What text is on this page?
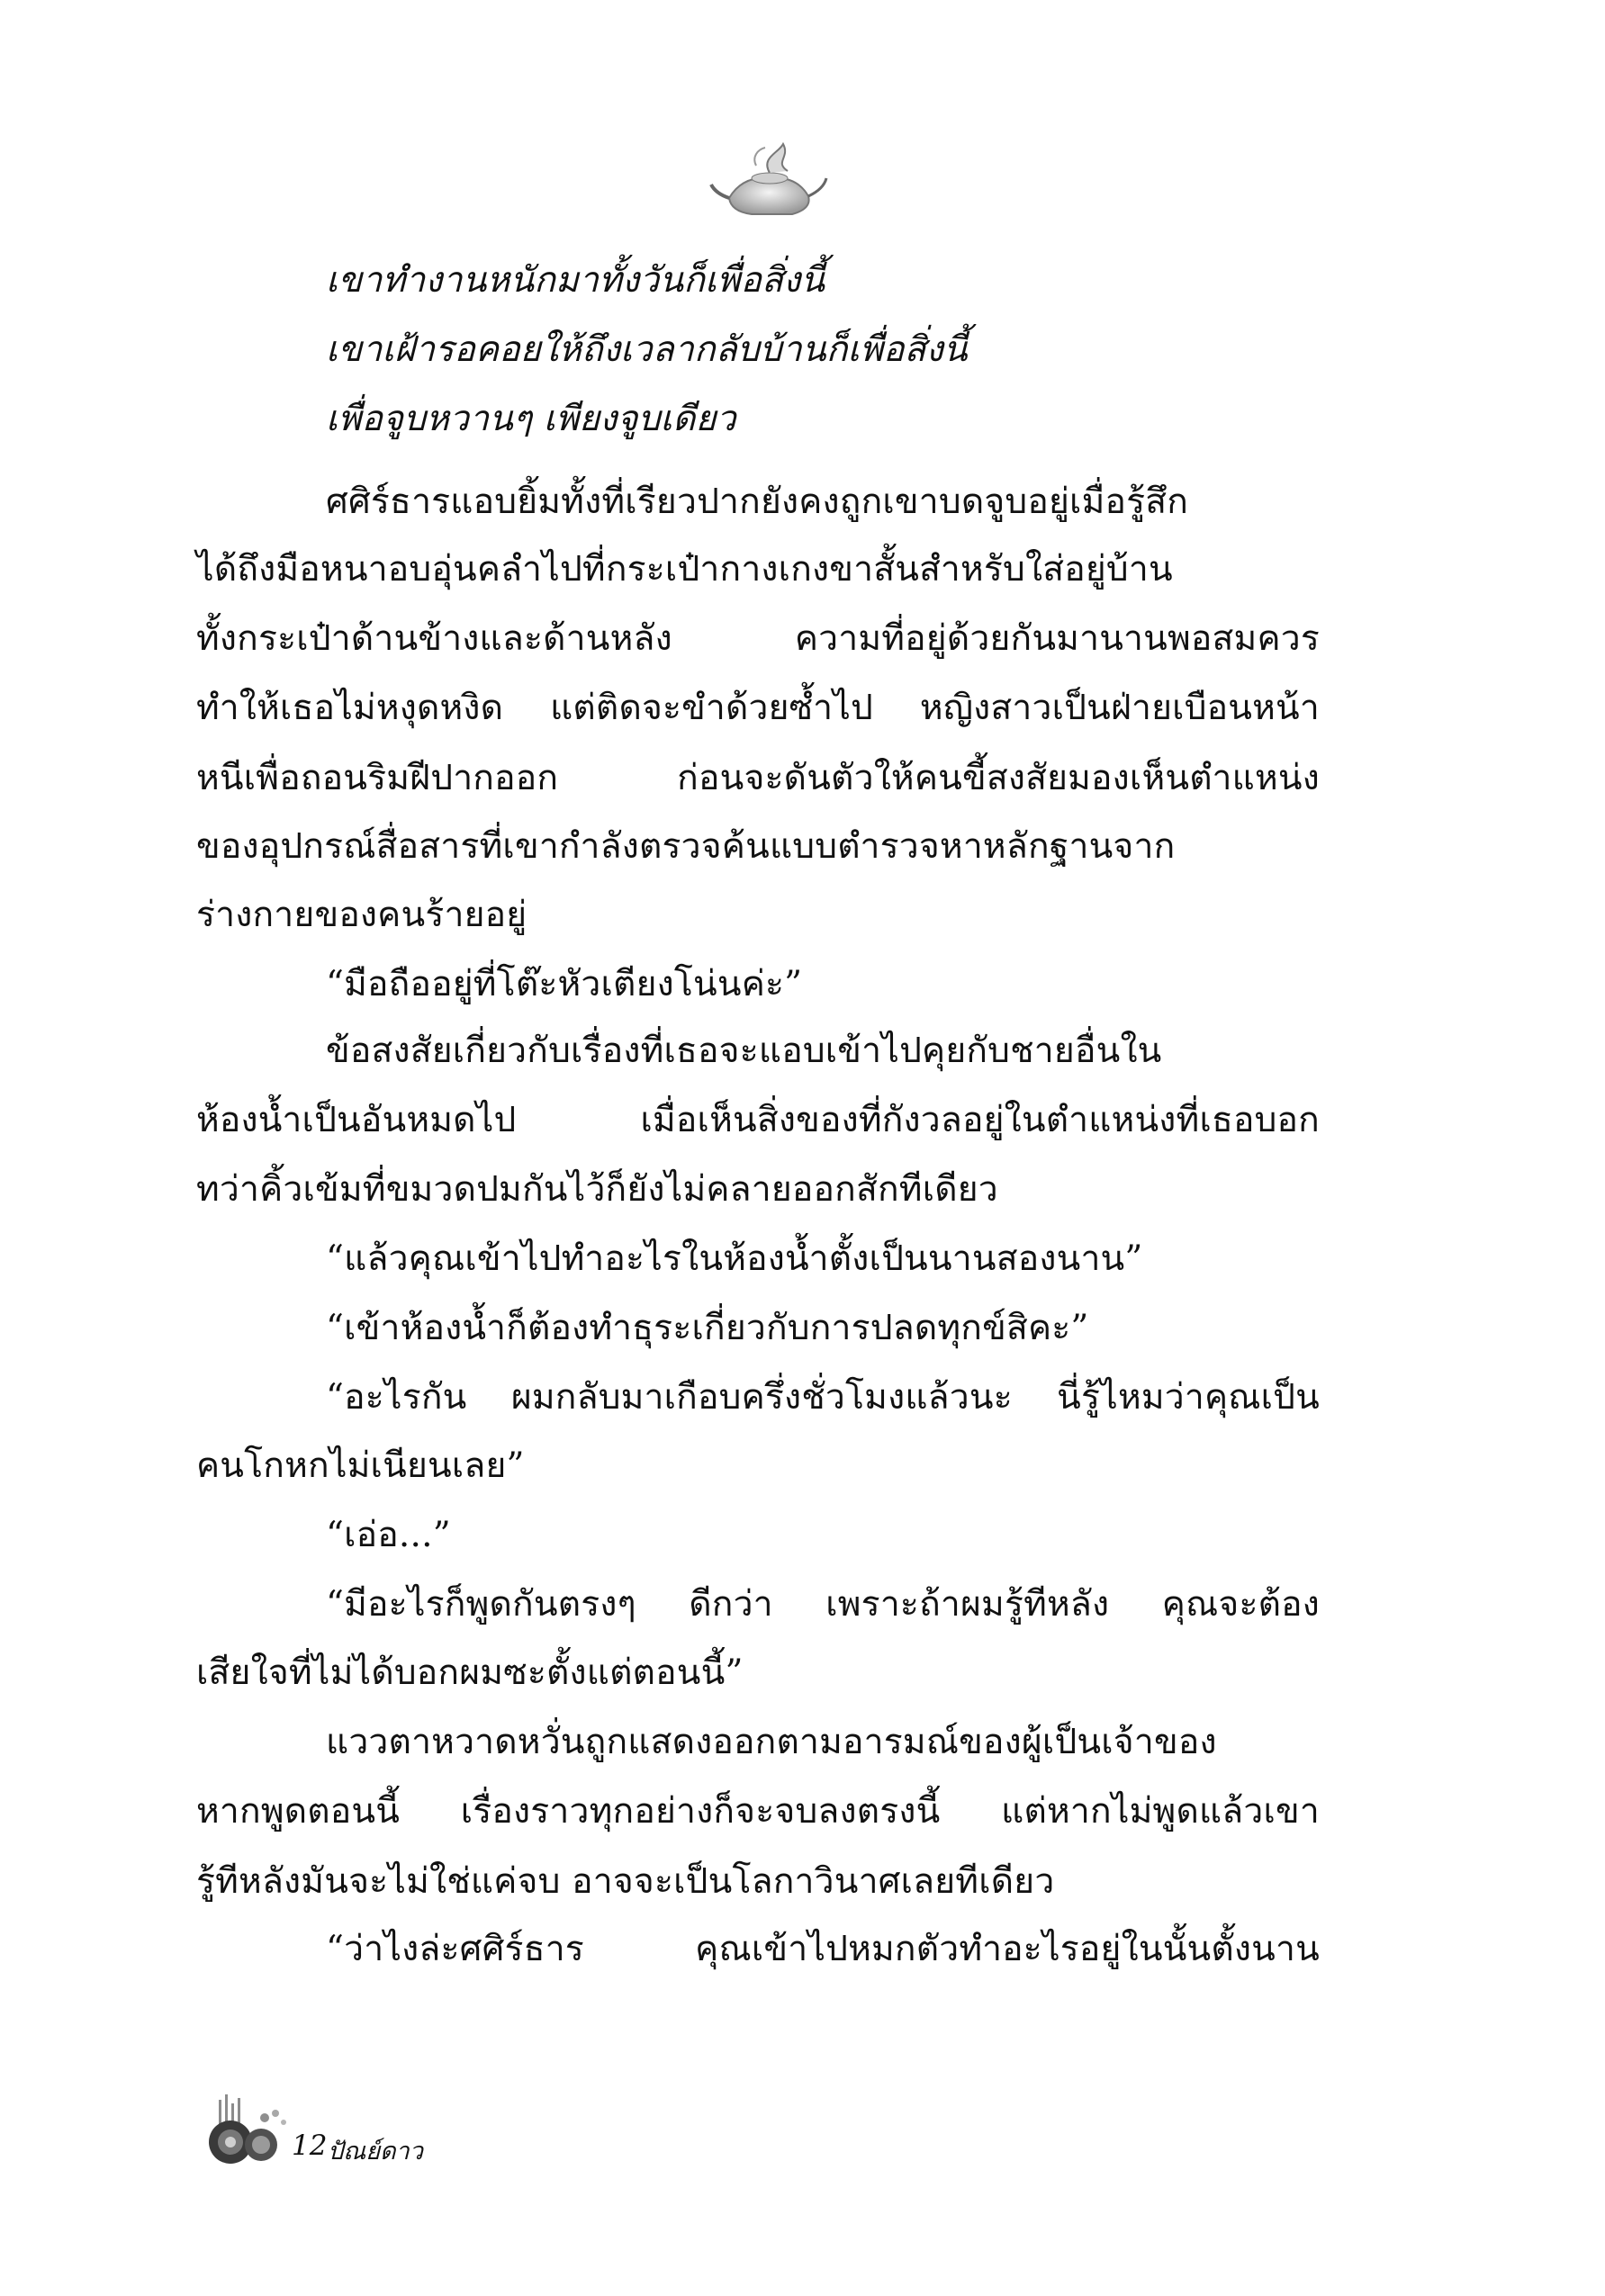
เขาทำงานหนักมาทั้งวันก็เพื่อสิ่งนี้
เขาเฝ้ารอคอยให้ถึงเวลากลับบ้านก็เพื่อสิ่งนี้
เพื่อจูบหวานๆ เพียงจูบเดียว
ศศิร์ธารแอบยิ้มทั้งที่เรียวปากยังคงถูกเขาบดจูบอยู่เมื่อรู้สึก
ได้ถึงมือหนาอบอุ่นคลำไปที่กระเป๋ากางเกงขาสั้นสำหรับใส่อยู่บ้าน
ทั้งกระเป๋าด้านข้างและด้านหลัง ความที่อยู่ด้วยกันมานานพอสมควร
ทำให้เธอไม่หงุดหงิด แต่ติดจะขำด้วยซ้ำไป หญิงสาวเป็นฝ่ายเบือนหน้า
หนีเพื่อถอนริมฝีปากออก ก่อนจะดันตัวให้คนขี้สงสัยมองเห็นตำแหน่ง
ของอุปกรณ์สื่อสารที่เขากำลังตรวจค้นแบบตำรวจหาหลักฐานจาก
ร่างกายของคนร้ายอยู่
“มือถืออยู่ที่โต๊ะหัวเตียงโน่นค่ะ”
ข้อสงสัยเกี่ยวกับเรื่องที่เธอจะแอบเข้าไปคุยกับชายอื่นใน
ห้องน้ำเป็นอันหมดไป เมื่อเห็นสิ่งของที่กังวลอยู่ในตำแหน่งที่เธอบอก
ทว่าคิ้วเข้มที่ขมวดปมกันไว้ก็ยังไม่คลายออกสักทีเดียว
“แล้วคุณเข้าไปทำอะไรในห้องน้ำตั้งเป็นนานสองนาน”
“เข้าห้องน้ำก็ต้องทำธุระเกี่ยวกับการปลดทุกข์สิคะ”
“อะไรกัน ผมกลับมาเกือบครึ่งชั่วโมงแล้วนะ นี่รู้ไหมว่าคุณเป็น
คนโกหกไม่เนียนเลย”
“เอ่อ...”
“มีอะไรก็พูดกันตรงๆ ดีกว่า เพราะถ้าผมรู้ทีหลัง คุณจะต้อง
เสียใจที่ไม่ได้บอกผมซะตั้งแต่ตอนนี้”
แววตาหวาดหวั่นถูกแสดงออกตามอารมณ์ของผู้เป็นเจ้าของ
หากพูดตอนนี้ เรื่องราวทุกอย่างก็จะจบลงตรงนี้ แต่หากไม่พูดแล้วเขา
รู้ทีหลังมันจะไม่ใช่แค่จบ อาจจะเป็นโลกาวินาศเลยทีเดียว
“ว่าไงล่ะศศิร์ธาร คุณเข้าไปหมกตัวทำอะไรอยู่ในนั้นตั้งนาน
12 ปัณย์ดาว
